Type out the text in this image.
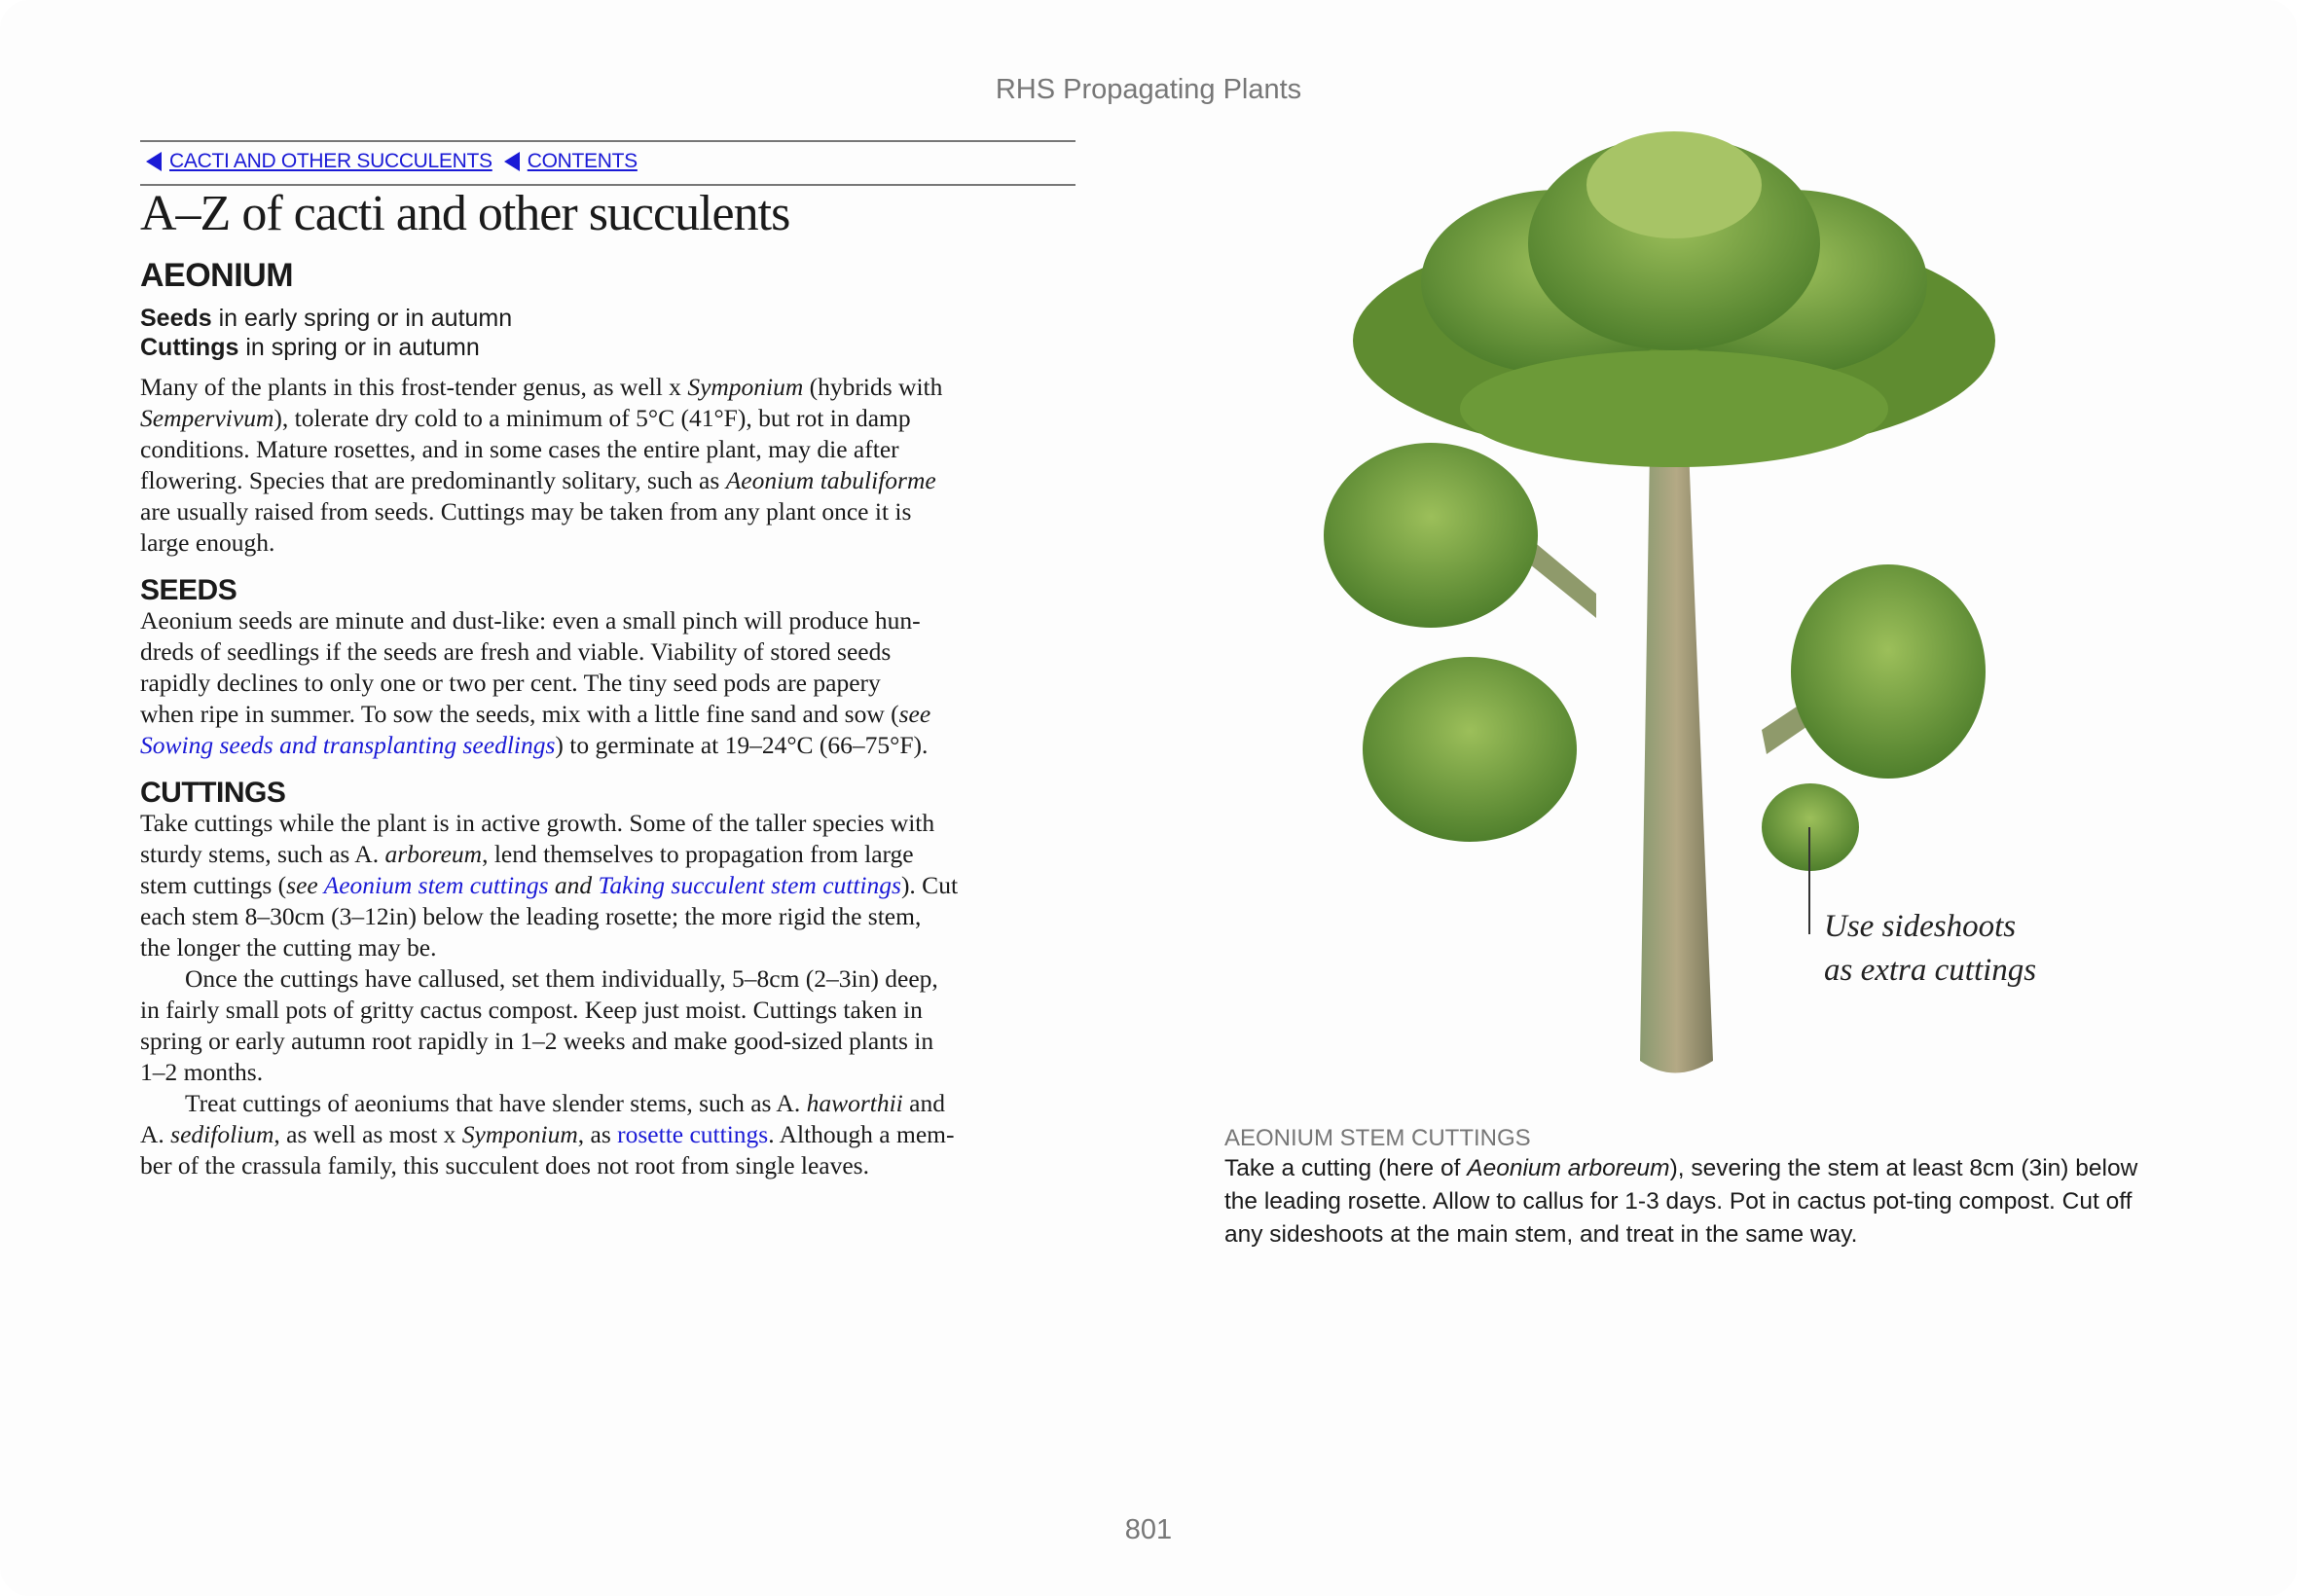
RHS Propagating Plants
CACTI AND OTHER SUCCULENTS CONTENTS
A–Z of cacti and other succulents
AEONIUM
Seeds in early spring or in autumn
Cuttings in spring or in autumn
Many of the plants in this frost-tender genus, as well x Symponium (hybrids with
Sempervivum), tolerate dry cold to a minimum of 5°C (41°F), but rot in damp
conditions. Mature rosettes, and in some cases the entire plant, may die after
flowering. Species that are predominantly solitary, such as Aeonium tabuliforme
are usually raised from seeds. Cuttings may be taken from any plant once it is
large enough.
SEEDS
Aeonium seeds are minute and dust-like: even a small pinch will produce hun-
dreds of seedlings if the seeds are fresh and viable. Viability of stored seeds
rapidly declines to only one or two per cent. The tiny seed pods are papery
when ripe in summer. To sow the seeds, mix with a little fine sand and sow (see
Sowing seeds and transplanting seedlings) to germinate at 19–24°C (66–75°F).
CUTTINGS
Take cuttings while the plant is in active growth. Some of the taller species with
sturdy stems, such as A. arboreum, lend themselves to propagation from large
stem cuttings (see Aeonium stem cuttings and Taking succulent stem cuttings). Cut
each stem 8–30cm (3–12in) below the leading rosette; the more rigid the stem,
the longer the cutting may be.
Once the cuttings have callused, set them individually, 5–8cm (2–3in) deep,
in fairly small pots of gritty cactus compost. Keep just moist. Cuttings taken in
spring or early autumn root rapidly in 1–2 weeks and make good-sized plants in
1–2 months.
Treat cuttings of aeoniums that have slender stems, such as A. haworthii and
A. sedifolium, as well as most x Symponium, as rosette cuttings. Although a mem-
ber of the crassula family, this succulent does not root from single leaves.
Use sideshoots
as extra cuttings
AEONIUM STEM CUTTINGS
Take a cutting (here of Aeonium arboreum), severing the stem at least 8cm (3in) below the leading rosette. Allow to callus for 1-3 days. Pot in cactus pot-ting compost. Cut off any sideshoots at the main stem, and treat in the same way.
801
